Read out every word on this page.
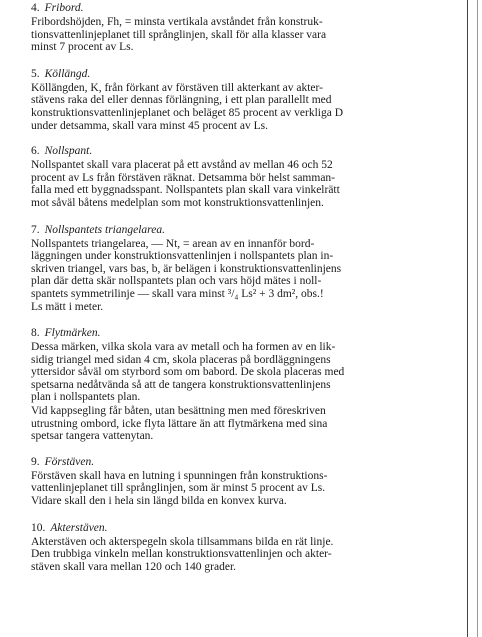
4. Fribord.
Fribordshöjden, Fh, = minsta vertikala avståndet från konstruk-
tionsvattenlinjeplanet till språnglinjen, skall för alla klasser vara
minst 7 procent av Ls.
5. Köllängd.
Köllängden, K, från förkant av förstäven till akterkant av akter-
stävens raka del eller dennas förlängning, i ett plan parallellt med
konstruktionsvattenlinjeplanet och beläget 85 procent av verkliga D
under detsamma, skall vara minst 45 procent av Ls.
6. Nollspant.
Nollspantet skall vara placerat på ett avstånd av mellan 46 och 52
procent av Ls från förstäven räknat. Detsamma bör helst samman-
falla med ett byggnadsspant. Nollspantets plan skall vara vinkelrätt
mot såväl båtens medelplan som mot konstruktionsvattenlinjen.
7. Nollspantets triangelarea.
Nollspantets triangelarea, — Nt, = arean av en innanför bord-
läggningen under konstruktionsvattenlinjen i nollspantets plan in-
skriven triangel, vars bas, b, är belägen i konstruktionsvattenlinjens
plan där detta skär nollspantets plan och vars höjd mätes i noll-
spantets symmetrilinje — skall vara minst ³/₄ Ls² + 3 dm², obs.!
Ls mätt i meter.
8. Flytmärken.
Dessa märken, vilka skola vara av metall och ha formen av en lik-
sidig triangel med sidan 4 cm, skola placeras på bordläggningens
yttersidor såväl om styrbord som om babord. De skola placeras med
spetsarna nedåtvända så att de tangera konstruktionsvattenlinjens
plan i nollspantets plan.
Vid kappsegling får båten, utan besättning men med föreskriven
utrustning ombord, icke flyta lättare än att flytmärkena med sina
spetsar tangera vattenytan.
9. Förstäven.
Förstäven skall hava en lutning i spunningen från konstruktions-
vattenlinjeplanet till språnglinjen, som är minst 5 procent av Ls.
Vidare skall den i hela sin längd bilda en konvex kurva.
10. Akterstäven.
Akterstäven och akterspegeln skola tillsammans bilda en rät linje.
Den trubbiga vinkeln mellan konstruktionsvattenlinjen och akter-
stäven skall vara mellan 120 och 140 grader.
